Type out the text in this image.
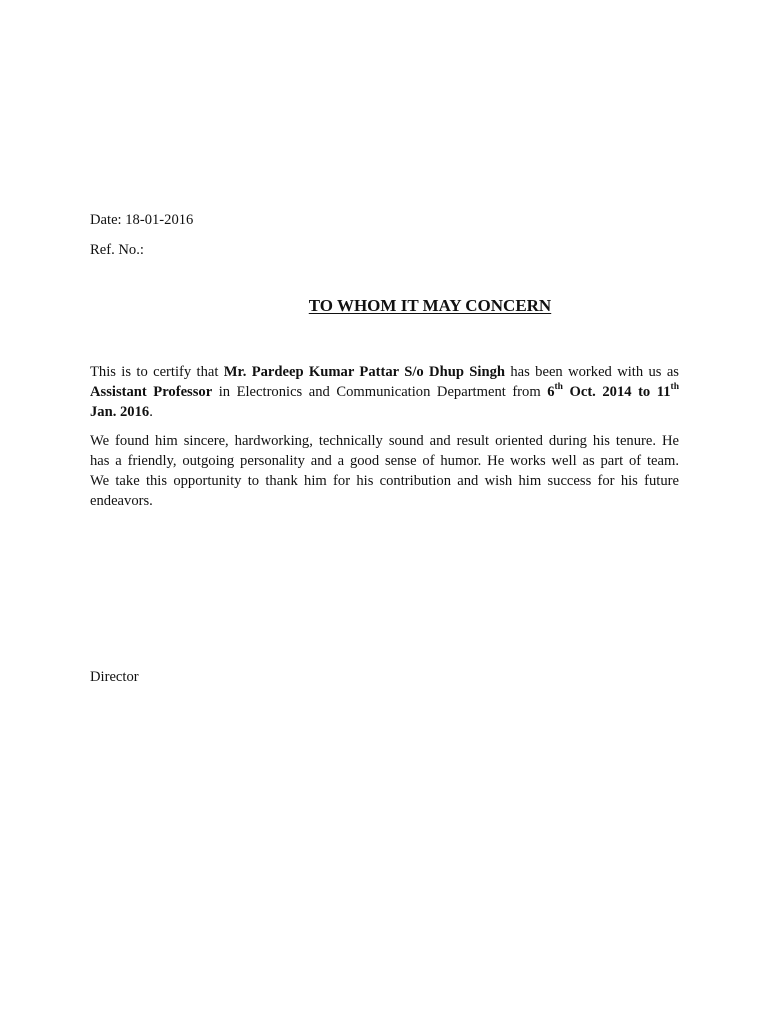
Date: 18-01-2016
Ref. No.:
TO WHOM IT MAY CONCERN
This is to certify that Mr. Pardeep Kumar Pattar S/o Dhup Singh has been worked with us as
Assistant Professor in Electronics and Communication Department from 6th Oct. 2014 to 11th
Jan. 2016.
We found him sincere, hardworking, technically sound and result oriented during his tenure. He
has a friendly, outgoing personality and a good sense of humor. He works well as part of team.
We take this opportunity to thank him for his contribution and wish him success for his future
endeavors.
Director
